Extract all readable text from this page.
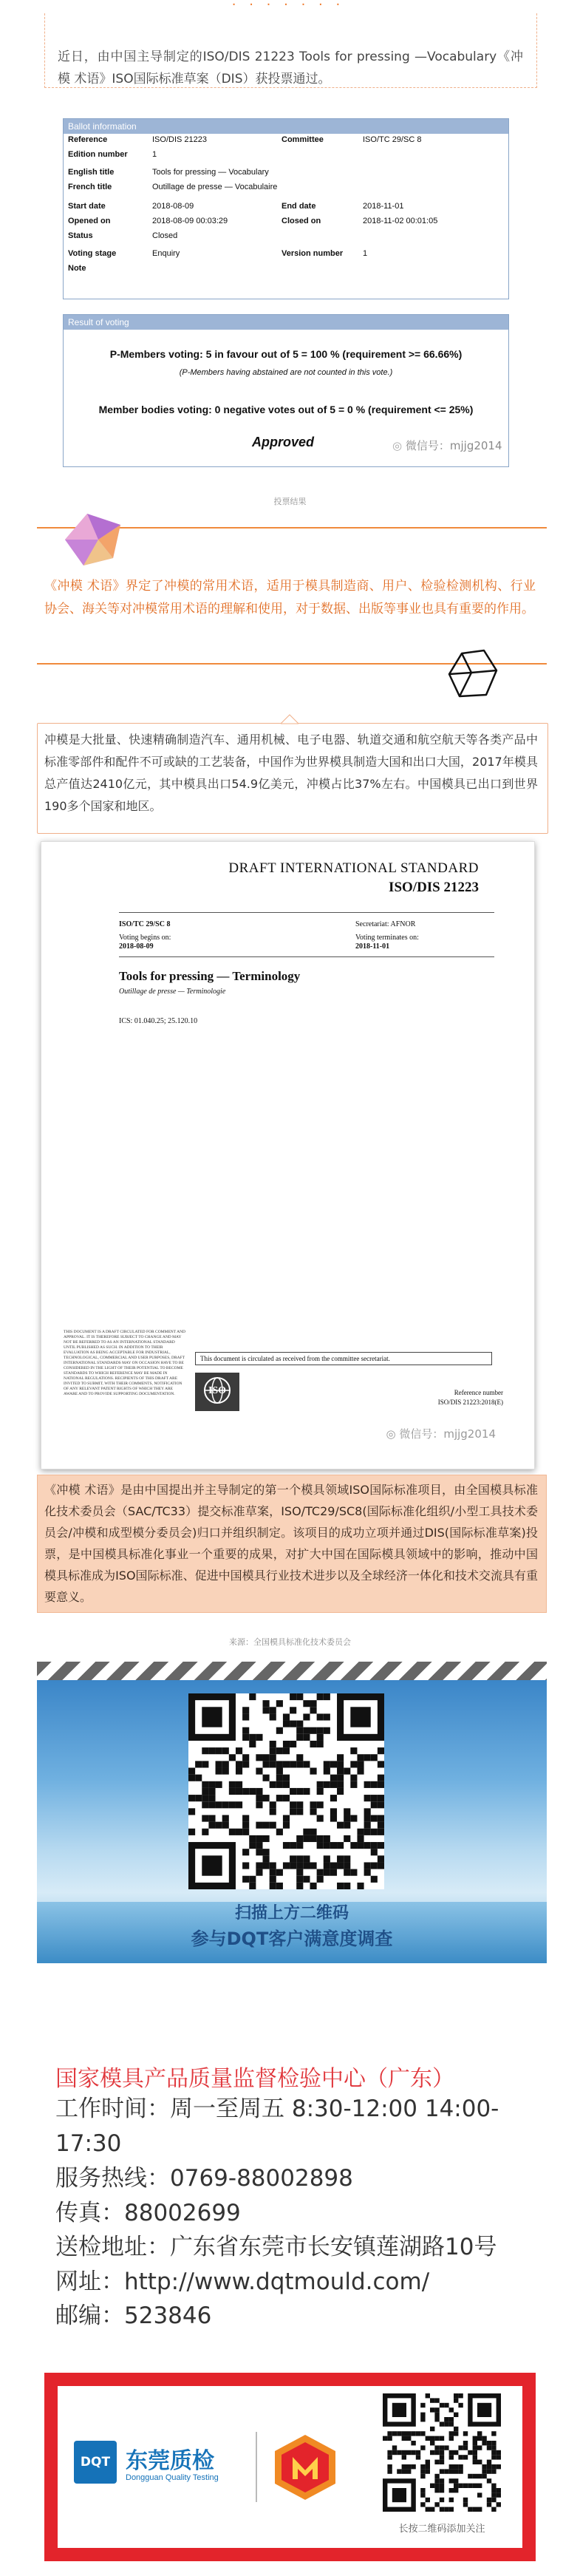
· · · · · · ·
近日，由中国主导制定的ISO/DIS 21223 Tools for pressing —Vocabulary《冲模 术语》ISO国际标准草案（DIS）获投票通过。
Ballot information
Reference	ISO/DIS 21223	Committee	ISO/TC 29/SC 8
Edition number	1
English title	Tools for pressing — Vocabulary
French title	Outillage de presse — Vocabulaire
Start date	2018-08-09	End date	2018-11-01
Opened on	2018-08-09 00:03:29	Closed on	2018-11-02 00:01:05
Status	Closed
Voting stage	Enquiry	Version number 1
Note
Result of voting
P-Members voting: 5 in favour out of 5 = 100 % (requirement >= 66.66%)
(P-Members having abstained are not counted in this vote.)
Member bodies voting: 0 negative votes out of 5 = 0 % (requirement <= 25%)
Approved	◎ 微信号：mjjg2014
投票结果
《冲模 术语》界定了冲模的常用术语，适用于模具制造商、用户、检验检测机构、行业协会、海关等对冲模常用术语的理解和使用，对于数据、出版等事业也具有重要的作用。
冲模是大批量、快速精确制造汽车、通用机械、电子电器、轨道交通和航空航天等各类产品中标准零部件和配件不可或缺的工艺装备，中国作为世界模具制造大国和出口大国，2017年模具总产值达2410亿元，其中模具出口54.9亿美元，冲模占比37%左右。中国模具已出口到世界190多个国家和地区。
DRAFT INTERNATIONAL STANDARD
ISO/DIS 21223
ISO/TC 29/SC 8	Secretariat: AFNOR
Voting begins on:
2018-08-09
Voting terminates on:
2018-11-01
Tools for pressing — Terminology
Outillage de presse — Terminologie
ICS: 01.040.25; 25.120.10
THIS DOCUMENT IS A DRAFT CIRCULATED FOR COMMENT AND APPROVAL. IT IS THEREFORE SUBJECT TO CHANGE AND MAY NOT BE REFERRED TO AS AN INTERNATIONAL STANDARD UNTIL PUBLISHED AS SUCH. IN ADDITION TO THEIR EVALUATION AS BEING ACCEPTABLE FOR INDUSTRIAL, TECHNOLOGICAL, COMMERCIAL AND USER PURPOSES, DRAFT INTERNATIONAL STANDARDS MAY ON OCCASION HAVE TO BE CONSIDERED IN THE LIGHT OF THEIR POTENTIAL TO BECOME STANDARDS TO WHICH REFERENCE MAY BE MADE IN NATIONAL REGULATIONS. RECIPIENTS OF THIS DRAFT ARE INVITED TO SUBMIT, WITH THEIR COMMENTS, NOTIFICATION OF ANY RELEVANT PATENT RIGHTS OF WHICH THEY ARE AWARE AND TO PROVIDE SUPPORTING DOCUMENTATION.
This document is circulated as received from the committee secretariat.
ISO	Reference number
ISO/DIS 21223:2018(E)
◎ 微信号：mjjg2014
《冲模 术语》是由中国提出并主导制定的第一个模具领域ISO国际标准项目，由全国模具标准化技术委员会（SAC/TC33）提交标准草案，ISO/TC29/SC8(国际标准化组织/小型工具技术委员会/冲模和成型模分委员会)归口并组织制定。该项目的成功立项并通过DIS(国际标准草案)投票，是中国模具标准化事业一个重要的成果，对扩大中国在国际模具领域中的影响，推动中国模具标准成为ISO国际标准、促进中国模具行业技术进步以及全球经济一体化和技术交流具有重要意义。
来源：全国模具标准化技术委员会
扫描上方二维码
参与DQT客户满意度调查
国家模具产品质量监督检验中心（广东）
工作时间：周一至周五 8:30-12:00 14:00-17:30
服务热线：0769-88002898
传真：88002699
送检地址：广东省东莞市长安镇莲湖路10号
网址：http://www.dqtmould.com/
邮编：523846
DQT 东莞质检
Dongguan Quality Testing
长按二维码添加关注
